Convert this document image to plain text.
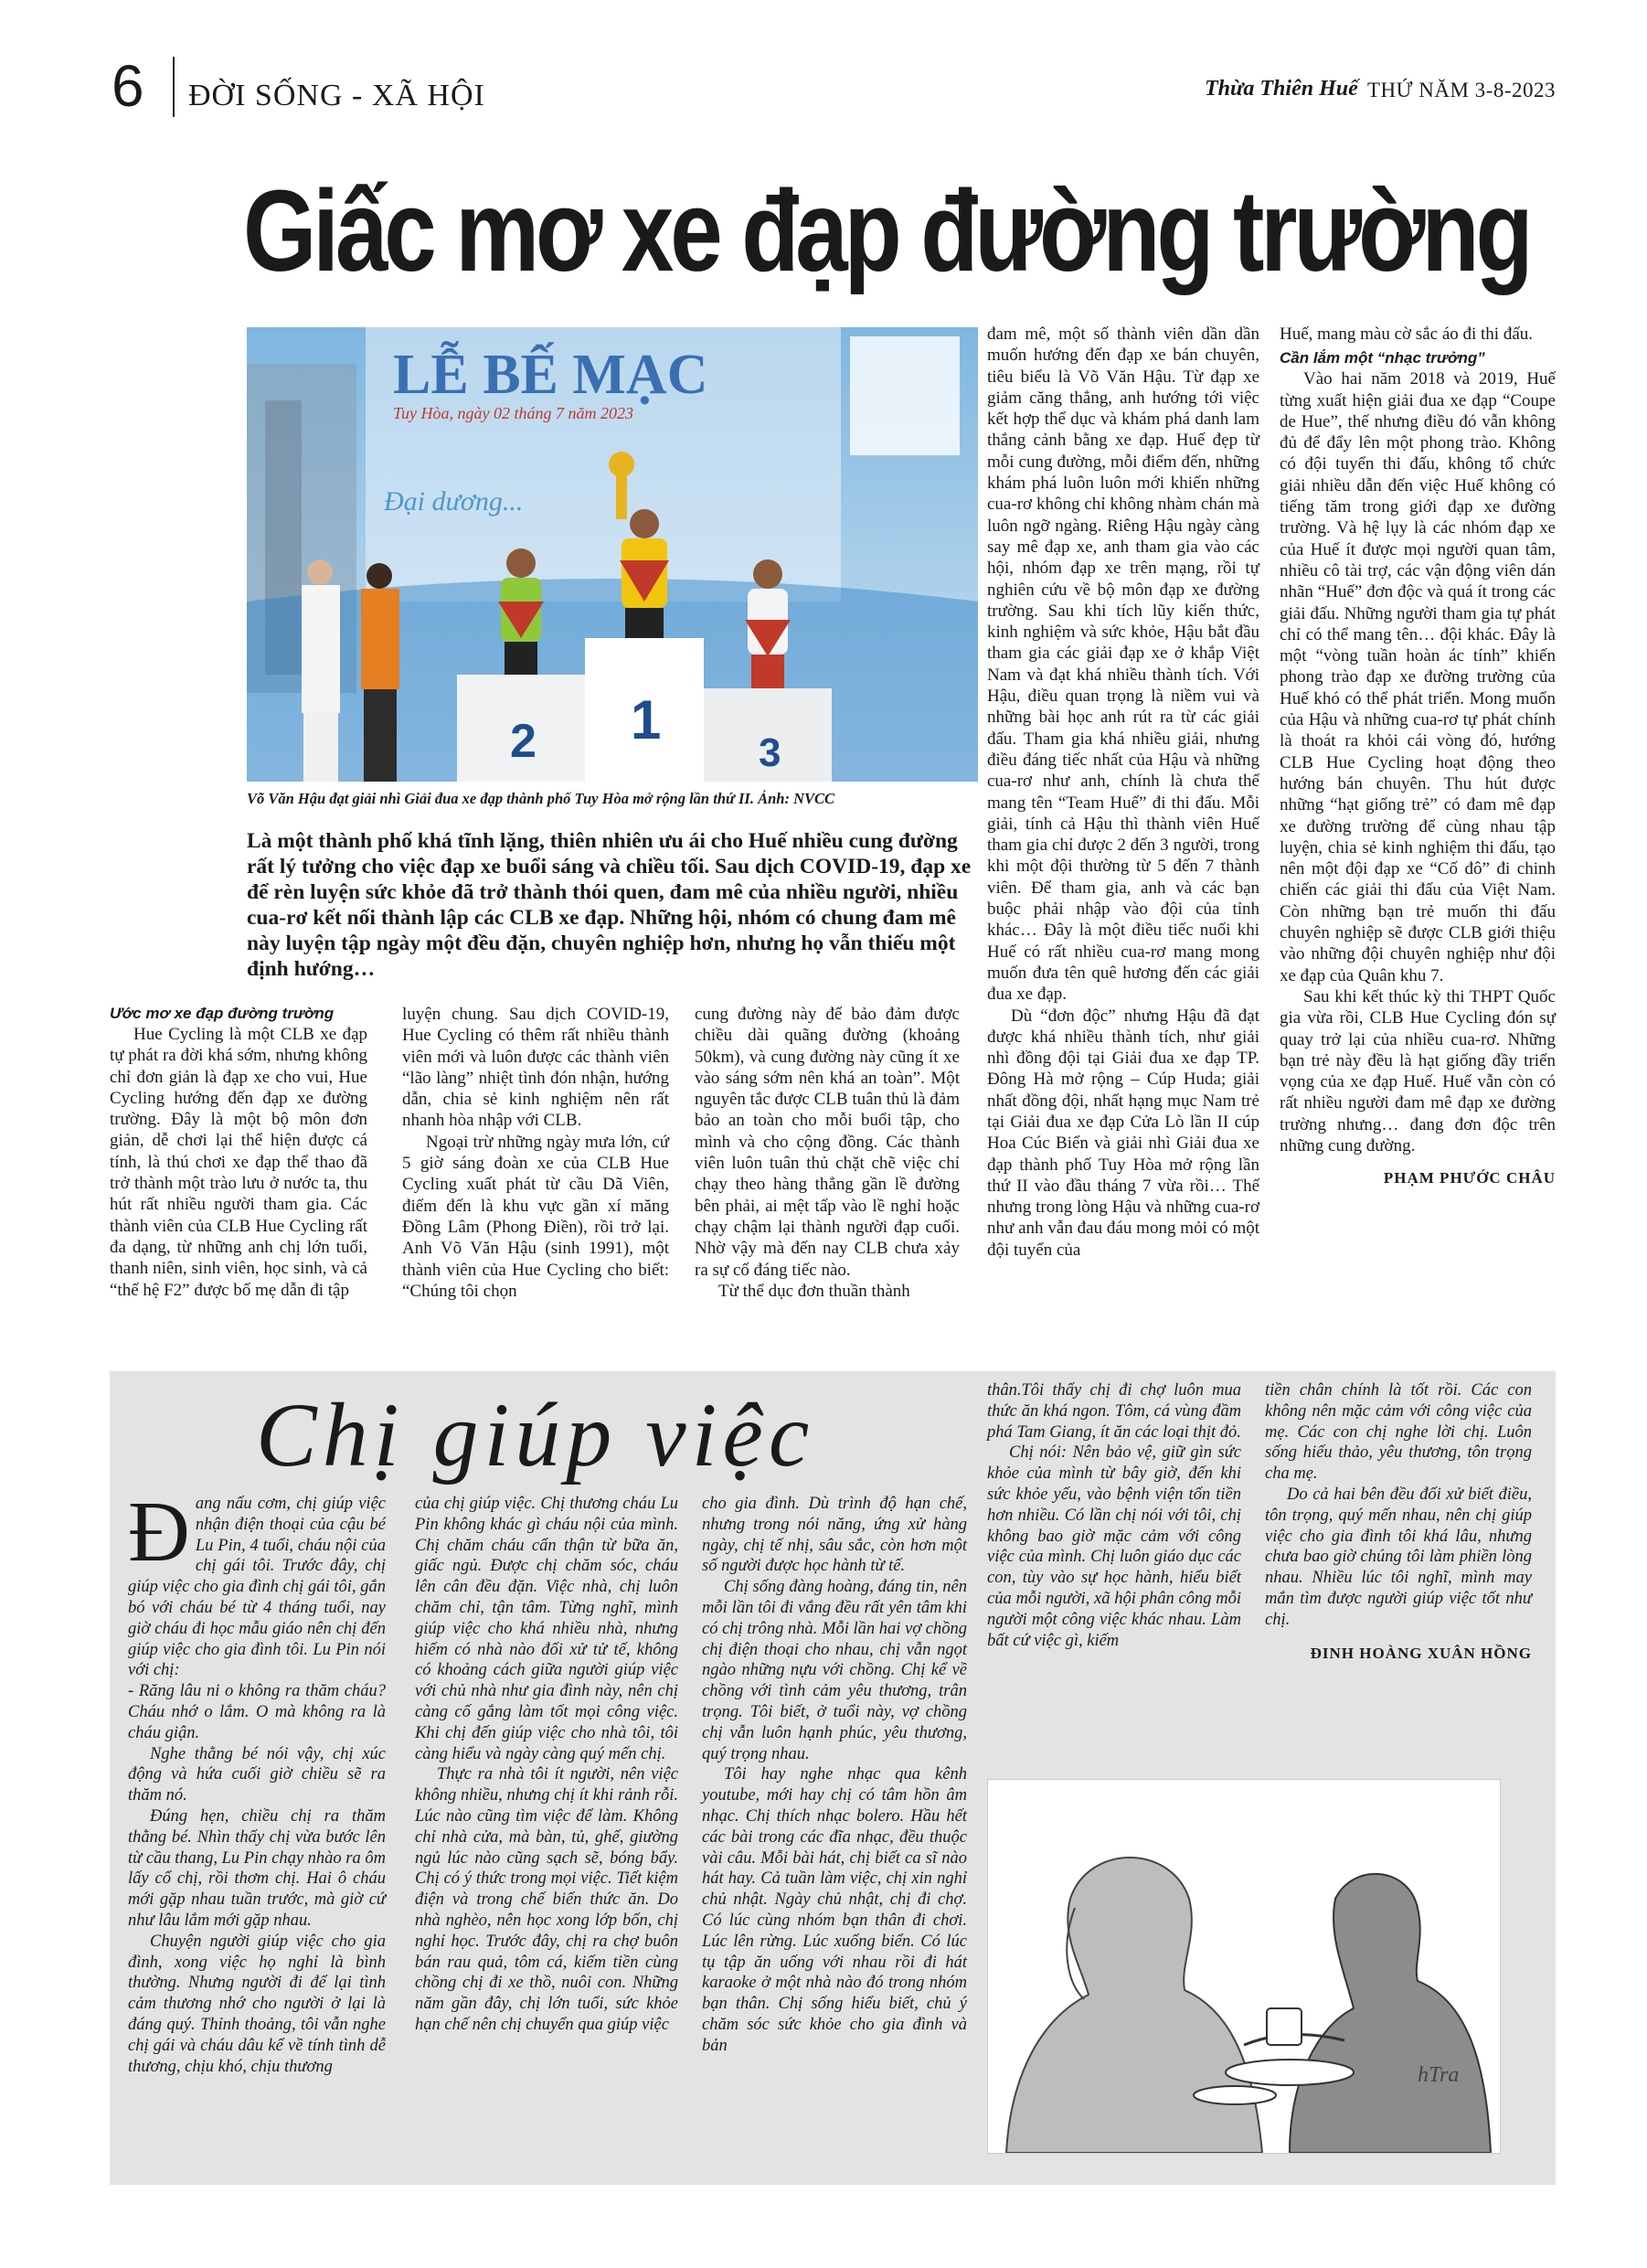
6 ĐỜI SỐNG - XÃ HỘI	Thừa Thiên Huế THỨ NĂM 3-8-2023
Giấc mơ xe đạp đường trường
LỄ BẾ MẠC
Tuy Hòa, ngày 02 tháng 7 năm 2023
Đại dương...
2 1
3
Võ Văn Hậu đạt giải nhì Giải đua xe đạp thành phố Tuy Hòa mở rộng lần thứ II. Ảnh: NVCC
Là một thành phố khá tĩnh lặng, thiên nhiên ưu ái cho Huế nhiều cung đường rất lý tưởng cho việc đạp xe buổi sáng và chiều tối. Sau dịch COVID-19, đạp xe để rèn luyện sức khỏe đã trở thành thói quen, đam mê của nhiều người, nhiều cua-rơ kết nối thành lập các CLB xe đạp. Những hội, nhóm có chung đam mê này luyện tập ngày một đều đặn, chuyên nghiệp hơn, nhưng họ vẫn thiếu một định hướng…
Ước mơ xe đạp đường trường

Hue Cycling là một CLB xe đạp tự phát ra đời khá sớm, nhưng không chỉ đơn giản là đạp xe cho vui, Hue Cycling hướng đến đạp xe đường trường. Đây là một bộ môn đơn giản, dễ chơi lại thể hiện được cá tính, là thú chơi xe đạp thể thao đã trở thành một trào lưu ở nước ta, thu hút rất nhiều người tham gia. Các thành viên của CLB Hue Cycling rất đa dạng, từ những anh chị lớn tuổi, thanh niên, sinh viên, học sinh, và cả “thế hệ F2” được bố mẹ dẫn đi tập

luyện chung. Sau dịch COVID-19, Hue Cycling có thêm rất nhiều thành viên mới và luôn được các thành viên “lão làng” nhiệt tình đón nhận, hướng dẫn, chia sẻ kinh nghiệm nên rất nhanh hòa nhập với CLB.

Ngoại trừ những ngày mưa lớn, cứ 5 giờ sáng đoàn xe của CLB Hue Cycling xuất phát từ cầu Dã Viên, điểm đến là khu vực gần xí măng Đồng Lâm (Phong Điền), rồi trở lại. Anh Võ Văn Hậu (sinh 1991), một thành viên của Hue Cycling cho biết: “Chúng tôi chọn

cung đường này để bảo đảm được chiều dài quãng đường (khoảng 50km), và cung đường này cũng ít xe vào sáng sớm nên khá an toàn”. Một nguyên tắc được CLB tuân thủ là đảm bảo an toàn cho mỗi buổi tập, cho mình và cho cộng đồng. Các thành viên luôn tuân thủ chặt chẽ việc chỉ chạy theo hàng thẳng gần lề đường bên phải, ai mệt tấp vào lề nghỉ hoặc chạy chậm lại thành người đạp cuối. Nhờ vậy mà đến nay CLB chưa xảy ra sự cố đáng tiếc nào.

Từ thể dục đơn thuần thành

đam mê, một số thành viên dần dần muốn hướng đến đạp xe bán chuyên, tiêu biểu là Võ Văn Hậu. Từ đạp xe giảm căng thẳng, anh hướng tới việc kết hợp thể dục và khám phá danh lam thắng cảnh bằng xe đạp. Huế đẹp từ mỗi cung đường, mỗi điểm đến, những khám phá luôn luôn mới khiến những cua-rơ không chỉ không nhàm chán mà luôn ngỡ ngàng. Riêng Hậu ngày càng say mê đạp xe, anh tham gia vào các hội, nhóm đạp xe trên mạng, rồi tự nghiên cứu về bộ môn đạp xe đường trường. Sau khi tích lũy kiến thức, kinh nghiệm và sức khỏe, Hậu bắt đầu tham gia các giải đạp xe ở khắp Việt Nam và đạt khá nhiều thành tích. Với Hậu, điều quan trọng là niềm vui và những bài học anh rút ra từ các giải đấu. Tham gia khá nhiều giải, nhưng điều đáng tiếc nhất của Hậu và những cua-rơ như anh, chính là chưa thể mang tên “Team Huế” đi thi đấu. Mỗi giải, tính cả Hậu thì thành viên Huế tham gia chỉ được 2 đến 3 người, trong khi một đội thường từ 5 đến 7 thành viên. Để tham gia, anh và các bạn buộc phải nhập vào đội của tỉnh khác… Đây là một điều tiếc nuối khi Huế có rất nhiều cua-rơ mang mong muốn đưa tên quê hương đến các giải đua xe đạp.

Dù “đơn độc” nhưng Hậu đã đạt được khá nhiều thành tích, như giải nhì đồng đội tại Giải đua xe đạp TP. Đông Hà mở rộng – Cúp Huda; giải nhất đồng đội, nhất hạng mục Nam trẻ tại Giải đua xe đạp Cửa Lò lần II cúp Hoa Cúc Biển và giải nhì Giải đua xe đạp thành phố Tuy Hòa mở rộng lần thứ II vào đầu tháng 7 vừa rồi… Thế nhưng trong lòng Hậu và những cua-rơ như anh vẫn đau đáu mong mỏi có một đội tuyển của

Huế, mang màu cờ sắc áo đi thi đấu.

Cần lắm một “nhạc trưởng”

Vào hai năm 2018 và 2019, Huế từng xuất hiện giải đua xe đạp “Coupe de Hue”, thế nhưng điều đó vẫn không đủ để đẩy lên một phong trào. Không có đội tuyển thi đấu, không tổ chức giải nhiều dẫn đến việc Huế không có tiếng tăm trong giới đạp xe đường trường. Và hệ lụy là các nhóm đạp xe của Huế ít được mọi người quan tâm, nhiều cô tài trợ, các vận động viên dán nhãn “Huế” đơn độc và quá ít trong các giải đấu. Những người tham gia tự phát chỉ có thể mang tên… đội khác. Đây là một “vòng tuần hoàn ác tính” khiến phong trào đạp xe đường trường của Huế khó có thể phát triển. Mong muốn của Hậu và những cua-rơ tự phát chính là thoát ra khỏi cái vòng đó, hướng CLB Hue Cycling hoạt động theo hướng bán chuyên. Thu hút được những “hạt giống trẻ” có đam mê đạp xe đường trường để cùng nhau tập luyện, chia sẻ kinh nghiệm thi đấu, tạo nên một đội đạp xe “Cố đô” đi chinh chiến các giải thi đấu của Việt Nam. Còn những bạn trẻ muốn thi đấu chuyên nghiệp sẽ được CLB giới thiệu vào những đội chuyên nghiệp như đội xe đạp của Quân khu 7.

Sau khi kết thúc kỳ thi THPT Quốc gia vừa rồi, CLB Hue Cycling đón sự quay trở lại của nhiều cua-rơ. Những bạn trẻ này đều là hạt giống đầy triển vọng của xe đạp Huế. Huế vẫn còn có rất nhiều người đam mê đạp xe đường trường nhưng… đang đơn độc trên những cung đường.

PHẠM PHƯỚC CHÂU
Chị giúp việc

Đang nấu cơm, chị giúp việc nhận điện thoại của cậu bé Lu Pin, 4 tuổi, cháu nội của chị gái tôi. Trước đây, chị giúp việc cho gia đình chị gái tôi, gắn bó với cháu bé từ 4 tháng tuổi, nay giờ cháu đi học mẫu giáo nên chị đến giúp việc cho gia đình tôi. Lu Pin nói với chị:

- Răng lâu ni o không ra thăm cháu? Cháu nhớ o lắm. O mà không ra là cháu giận.

Nghe thằng bé nói vậy, chị xúc động và hứa cuối giờ chiều sẽ ra thăm nó.

Đúng hẹn, chiều chị ra thăm thằng bé. Nhìn thấy chị vừa bước lên từ cầu thang, Lu Pin chạy nhào ra ôm lấy cổ chị, rồi thơm chị. Hai ô cháu mới gặp nhau tuần trước, mà giờ cứ như lâu lắm mới gặp nhau.

Chuyện người giúp việc cho gia đình, xong việc họ nghỉ là bình thường. Nhưng người đi để lại tình cảm thương nhớ cho người ở lại là đáng quý. Thỉnh thoảng, tôi vẫn nghe chị gái và cháu dâu kể về tính tình dễ thương, chịu khó, chịu thương

của chị giúp việc. Chị thương cháu Lu Pin không khác gì cháu nội của mình. Chị chăm cháu cẩn thận từ bữa ăn, giấc ngủ. Được chị chăm sóc, cháu lên cân đều đặn. Việc nhà, chị luôn chăm chỉ, tận tâm. Từng nghĩ, mình giúp việc cho khá nhiều nhà, nhưng hiếm có nhà nào đối xử tử tế, không có khoảng cách giữa người giúp việc với chủ nhà như gia đình này, nên chị càng cố gắng làm tốt mọi công việc. Khi chị đến giúp việc cho nhà tôi, tôi càng hiểu và ngày càng quý mến chị.

Thực ra nhà tôi ít người, nên việc không nhiều, nhưng chị ít khi rảnh rỗi. Lúc nào cũng tìm việc để làm. Không chỉ nhà cửa, mà bàn, tủ, ghế, giường ngủ lúc nào cũng sạch sẽ, bóng bẩy. Chị có ý thức trong mọi việc. Tiết kiệm điện và trong chế biến thức ăn. Do nhà nghèo, nên học xong lớp bốn, chị nghỉ học. Trước đây, chị ra chợ buôn bán rau quả, tôm cá, kiếm tiền cùng chồng chị đi xe thồ, nuôi con. Những năm gần đây, chị lớn tuổi, sức khỏe hạn chế nên chị chuyển qua giúp việc

cho gia đình. Dù trình độ hạn chế, nhưng trong nói năng, ứng xử hàng ngày, chị tế nhị, sâu sắc, còn hơn một số người được học hành từ tế.

Chị sống đàng hoàng, đáng tin, nên mỗi lần tôi đi vắng đều rất yên tâm khi có chị trông nhà. Mỗi lần hai vợ chồng chị điện thoại cho nhau, chị vẫn ngọt ngào những nựu với chồng. Chị kể về chồng với tình cảm yêu thương, trân trọng. Tôi biết, ở tuổi này, vợ chồng chị vẫn luôn hạnh phúc, yêu thương, quý trọng nhau.

Tôi hay nghe nhạc qua kênh youtube, mới hay chị có tâm hồn âm nhạc. Chị thích nhạc bolero. Hầu hết các bài trong các đĩa nhạc, đều thuộc vài câu. Mỗi bài hát, chị biết ca sĩ nào hát hay. Cả tuần làm việc, chị xin nghỉ chủ nhật. Ngày chủ nhật, chị đi chợ. Có lúc cùng nhóm bạn thân đi chơi. Lúc lên rừng. Lúc xuống biển. Có lúc tụ tập ăn uống với nhau rồi đi hát karaoke ở một nhà nào đó trong nhóm bạn thân. Chị sống hiểu biết, chủ ý chăm sóc sức khỏe cho gia đình và bản

thân.Tôi thấy chị đi chợ luôn mua thức ăn khá ngon. Tôm, cá vùng đầm phá Tam Giang, ít ăn các loại thịt đỏ.

Chị nói: Nên bảo vệ, giữ gìn sức khỏe của mình từ bây giờ, đến khi sức khỏe yếu, vào bệnh viện tốn tiền hơn nhiều. Có lần chị nói với tôi, chị không bao giờ mặc cảm với công việc của mình. Chị luôn giáo dục các con, tùy vào sự học hành, hiểu biết của mỗi người, xã hội phân công mỗi người một công việc khác nhau. Làm bất cứ việc gì, kiếm

tiền chân chính là tốt rồi. Các con không nên mặc cảm với công việc của mẹ. Các con chị nghe lời chị. Luôn sống hiếu thảo, yêu thương, tôn trọng cha mẹ.

Do cả hai bên đều đối xử biết điều, tôn trọng, quý mến nhau, nên chị giúp việc cho gia đình tôi khá lâu, nhưng chưa bao giờ chúng tôi làm phiền lòng nhau. Nhiều lúc tôi nghĩ, mình may mắn tìm được người giúp việc tốt như chị.

ĐINH HOÀNG XUÂN HỒNG
hTra
